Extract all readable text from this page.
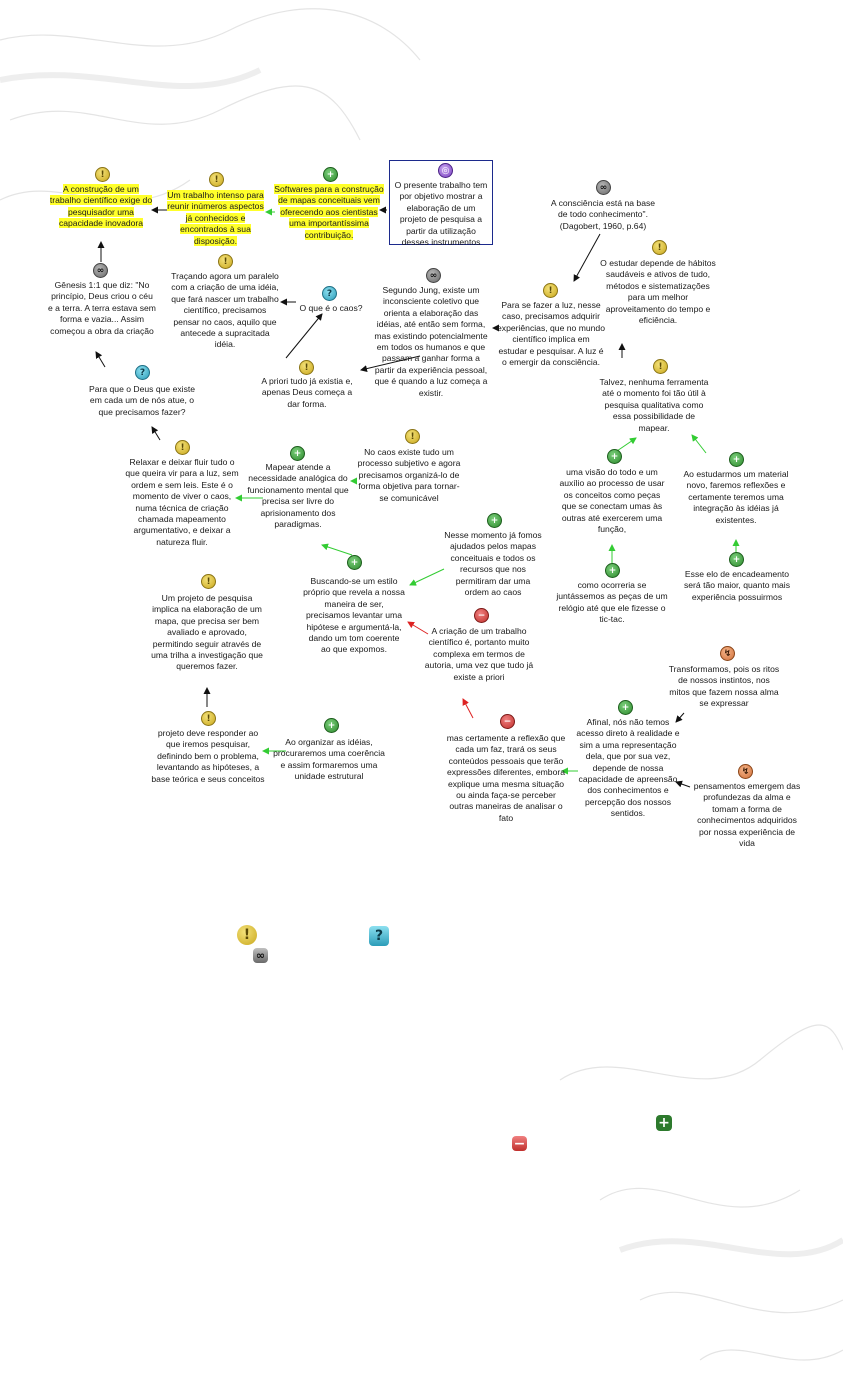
!	!	+	◎
∞
!
∞
!
?
∞
!
!
?
!
!
+
!
+	+
+
+
+
+
!
−
↯
!
+	−
+
↯
A construção de um trabalho científico exige do pesquisador uma capacidade inovadora
Um trabalho intenso para reunir inúmeros aspectos já conhecidos e encontrados à sua disposição.
Softwares para a construção de mapas conceituais vem oferecendo aos cientistas uma importantíssima contribuição.
O presente trabalho tem por objetivo mostrar a elaboração de um projeto de pesquisa a partir da utilização desses instrumentos
A consciência está na base de todo conhecimento". (Dagobert, 1960, p.64)
O estudar depende de hábitos saudáveis e ativos de tudo, métodos e sistematizações para um melhor aproveitamento do tempo e eficiência.
Gênesis 1:1 que diz: "No princípio, Deus criou o céu e a terra. A terra estava sem forma e vazia... Assim começou a obra da criação
Traçando agora um paralelo com a criação de uma idéia, que fará nascer um trabalho científico, precisamos pensar no caos, aquilo que antecede a supracitada idéia.
O que é o caos?
Segundo Jung, existe um inconsciente coletivo que orienta a elaboração das idéias, até então sem forma, mas existindo potencialmente em todos os humanos e que passam a ganhar forma a partir da experiência pessoal, que é quando a luz começa a existir.
Para se fazer a luz, nesse caso, precisamos adquirir experiências, que no mundo científico implica em estudar e pesquisar. A luz é o emergir da consciência.
A priori tudo já existia e, apenas Deus começa a dar forma.
Para que o Deus que existe em cada um de nós atue, o que precisamos fazer?
Talvez, nenhuma ferramenta até o momento foi tão útil à pesquisa qualitativa como essa possibilidade de mapear.
Relaxar e deixar fluir tudo o que queira vir para a luz, sem ordem e sem leis. Este é o momento de viver o caos, numa técnica de criação chamada mapeamento argumentativo, e deixar a natureza fluir.
Mapear atende a necessidade analógica do funcionamento mental que precisa ser livre do aprisionamento dos paradigmas.
No caos existe tudo um processo subjetivo e agora precisamos organizá-lo de forma objetiva para tornar-se comunicável
uma visão do todo e um auxílio ao processo de usar os conceitos como peças que se conectam umas às outras até exercerem uma função,
Ao estudarmos um material novo, faremos reflexões e certamente teremos uma integração às idéias já existentes.
Nesse momento já fomos ajudados pelos mapas conceituais e todos os recursos que nos permitiram dar uma ordem ao caos
Buscando-se um estilo próprio que revela a nossa maneira de ser, precisamos levantar uma hipótese e argumentá-la, dando um tom coerente ao que expomos.
como ocorreria se juntássemos as peças de um relógio até que ele fizesse o tic-tac.
Esse elo de encadeamento será tão maior, quanto mais experiência possuirmos
Um projeto de pesquisa implica na elaboração de um mapa, que precisa ser bem avaliado e aprovado, permitindo seguir através de uma trilha a investigação que queremos fazer.
A criação de um trabalho científico é, portanto muito complexa em termos de autoria, uma vez que tudo já existe a priori
Transformamos, pois os ritos de nossos instintos, nos mitos que fazem nossa alma se expressar
projeto deve responder ao que iremos pesquisar, definindo bem o problema, levantando as hipóteses, a base teórica e seus conceitos
Ao organizar as idéias, procuraremos uma coerência e assim formaremos uma unidade estrutural
mas certamente a reflexão que cada um faz, trará os seus conteúdos pessoais que terão expressões diferentes, embora explique uma mesma situação ou ainda faça-se perceber outras maneiras de analisar o fato
Afinal, nós não temos acesso direto à realidade e sim a uma representação dela, que por sua vez, depende de nossa capacidade de apreensão dos conhecimentos e percepção dos nossos sentidos.
pensamentos emergem das profundezas da alma e tomam a forma de conhecimentos adquiridos por nossa experiência de vida
!	?
∞
+
−
